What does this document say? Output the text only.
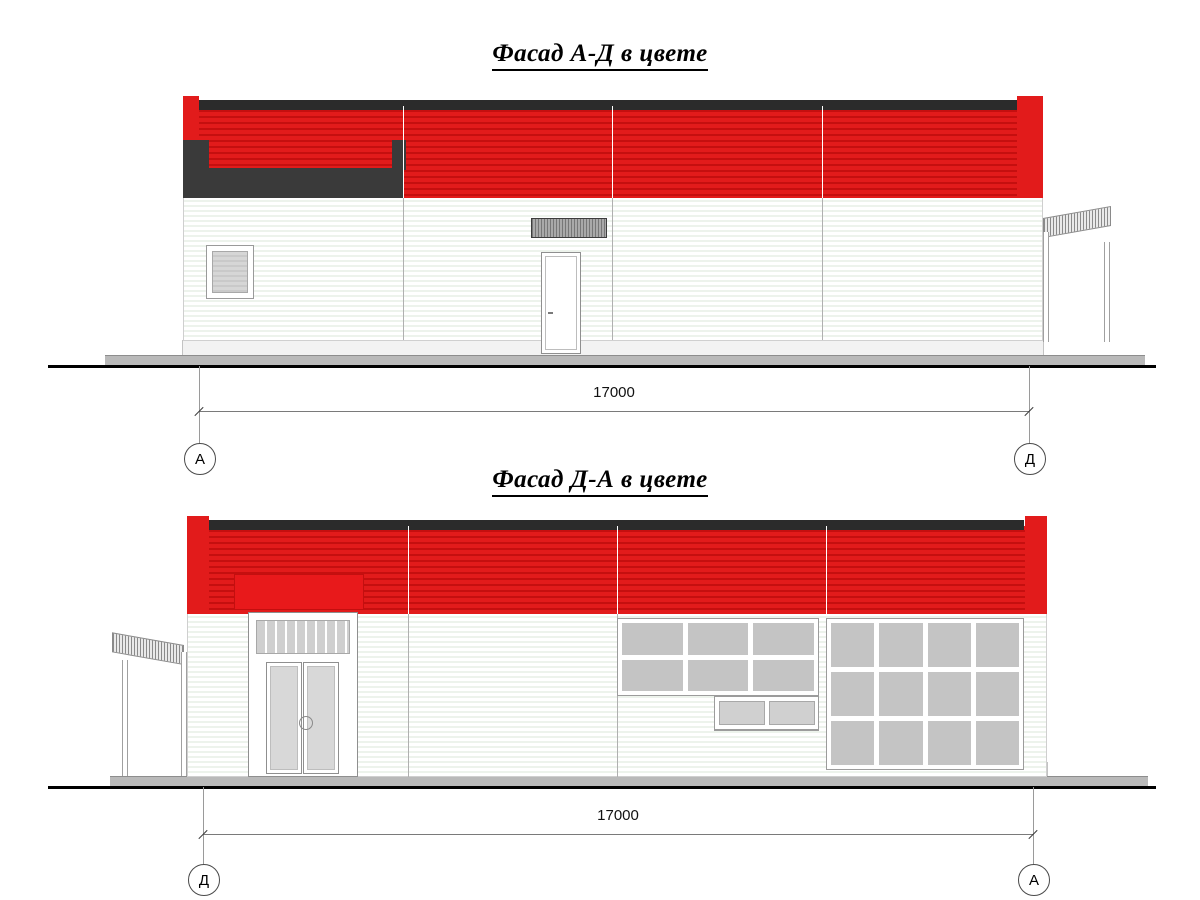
Фасад А-Д в цвете
17000
А	Д
Фасад Д-А в цвете
17000
Д	А
